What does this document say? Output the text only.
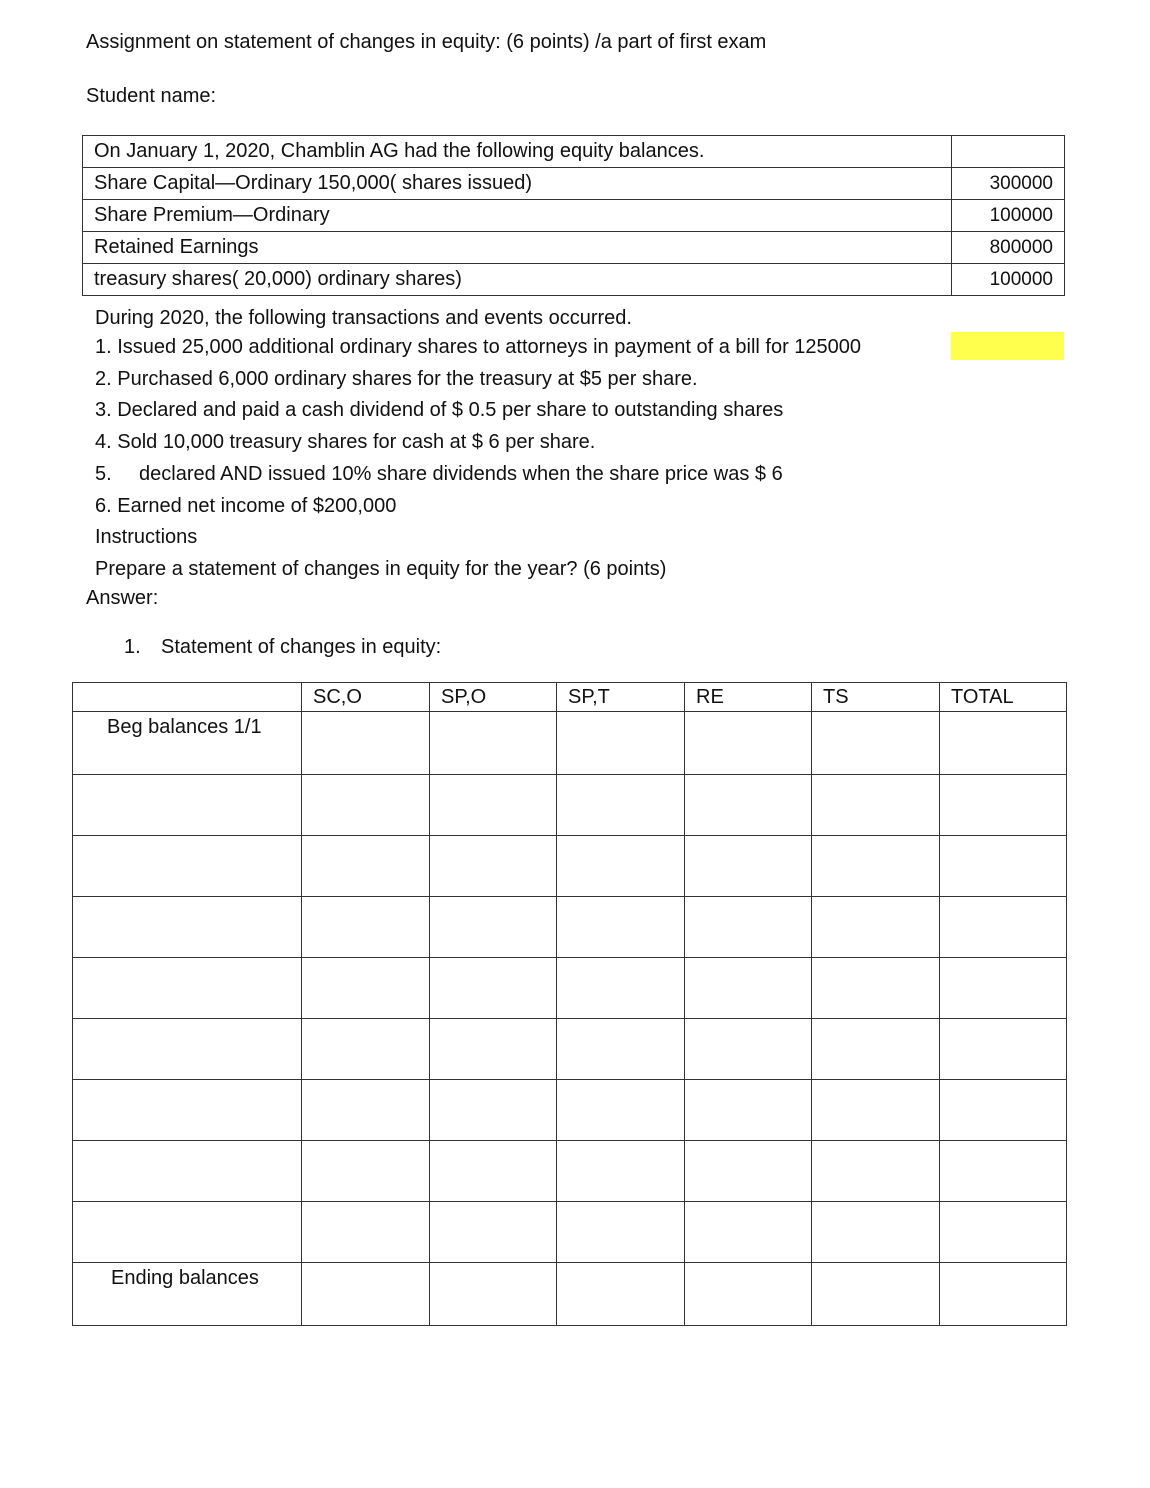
Assignment on statement of changes in equity: (6 points) /a part of first exam
Student name:
On January 1, 2020, Chamblin AG had the following equity balances.	
Share Capital—Ordinary 150,000( shares issued)	300000
Share Premium—Ordinary	100000
Retained Earnings	800000
treasury shares( 20,000) ordinary shares)	100000
During 2020, the following transactions and events occurred.
1. Issued 25,000 additional ordinary shares to attorneys in payment of a bill for 125000
2. Purchased 6,000 ordinary shares for the treasury at $5 per share.
3. Declared and paid a cash dividend of $ 0.5 per share to outstanding shares
4. Sold 10,000 treasury shares for cash at $ 6 per share.
5. declared AND issued 10% share dividends when the share price was $ 6
6. Earned net income of $200,000
Instructions
Prepare a statement of changes in equity for the year? (6 points)
Answer:
1. Statement of changes in equity:
	SC,O	SP,O	SP,T	RE	TS	TOTAL
Beg balances 1/1						

Ending balances						
